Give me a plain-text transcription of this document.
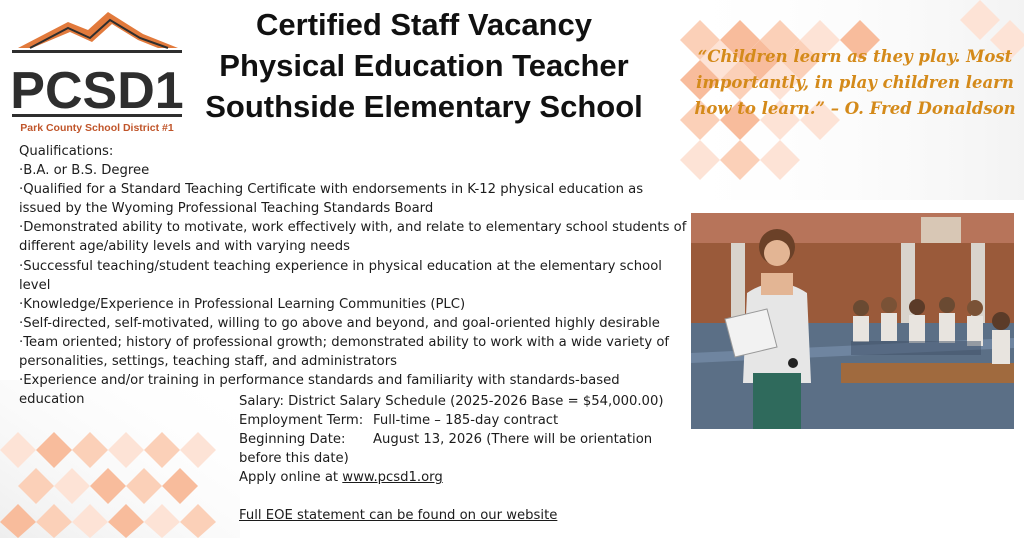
PCSD1
Park County School District #1
Certified Staff Vacancy
Physical Education Teacher
Southside Elementary School
“Children learn as they play. Most importantly, in play children learn how to learn.” – O. Fred Donaldson
Qualifications:
·B.A. or B.S. Degree
·Qualified for a Standard Teaching Certificate with endorsements in K-12 physical education as issued by the Wyoming Professional Teaching Standards Board
·Demonstrated ability to motivate, work effectively with, and relate to elementary school students of different age/ability levels and with varying needs
·Successful teaching/student teaching experience in physical education at the elementary school level
·Knowledge/Experience in Professional Learning Communities (PLC)
·Self-directed, self-motivated, willing to go above and beyond, and goal-oriented highly desirable
·Team oriented; history of professional growth; demonstrated ability to work with a wide variety of personalities, settings, teaching staff, and administrators
·Experience and/or training in performance standards and familiarity with standards-based education	Salary: District Salary Schedule (2025-2026 Base = $54,000.00)
Employment Term: Full-time – 185-day contract
Beginning Date: August 13, 2026 (There will be orientation before this date)
Apply online at www.pcsd1.org
Full EOE statement can be found on our website
